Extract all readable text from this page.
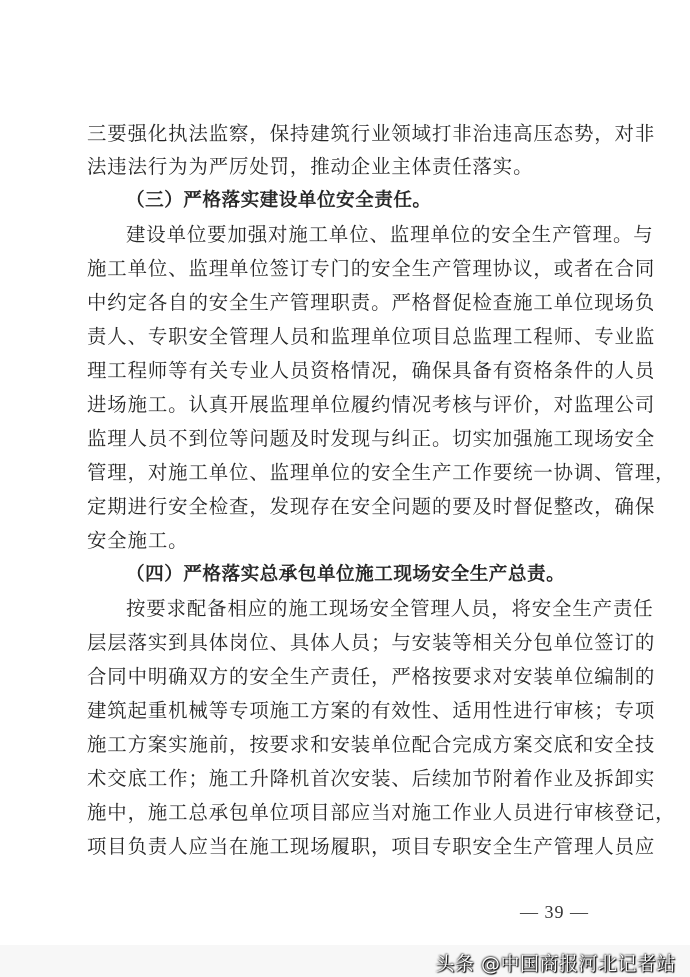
三要强化执法监察，保持建筑行业领域打非治违高压态势，对非
法违法行为为严厉处罚，推动企业主体责任落实。
（三）严格落实建设单位安全责任。
建设单位要加强对施工单位、监理单位的安全生产管理。与
施工单位、监理单位签订专门的安全生产管理协议，或者在合同
中约定各自的安全生产管理职责。严格督促检查施工单位现场负
责人、专职安全管理人员和监理单位项目总监理工程师、专业监
理工程师等有关专业人员资格情况，确保具备有资格条件的人员
进场施工。认真开展监理单位履约情况考核与评价，对监理公司
监理人员不到位等问题及时发现与纠正。切实加强施工现场安全
管理，对施工单位、监理单位的安全生产工作要统一协调、管理，
定期进行安全检查，发现存在安全问题的要及时督促整改，确保
安全施工。
（四）严格落实总承包单位施工现场安全生产总责。
按要求配备相应的施工现场安全管理人员，将安全生产责任
层层落实到具体岗位、具体人员；与安装等相关分包单位签订的
合同中明确双方的安全生产责任，严格按要求对安装单位编制的
建筑起重机械等专项施工方案的有效性、适用性进行审核；专项
施工方案实施前，按要求和安装单位配合完成方案交底和安全技
术交底工作；施工升降机首次安装、后续加节附着作业及拆卸实
施中，施工总承包单位项目部应当对施工作业人员进行审核登记，
项目负责人应当在施工现场履职，项目专职安全生产管理人员应
— 39 —
头条 @中国商报河北记者站
